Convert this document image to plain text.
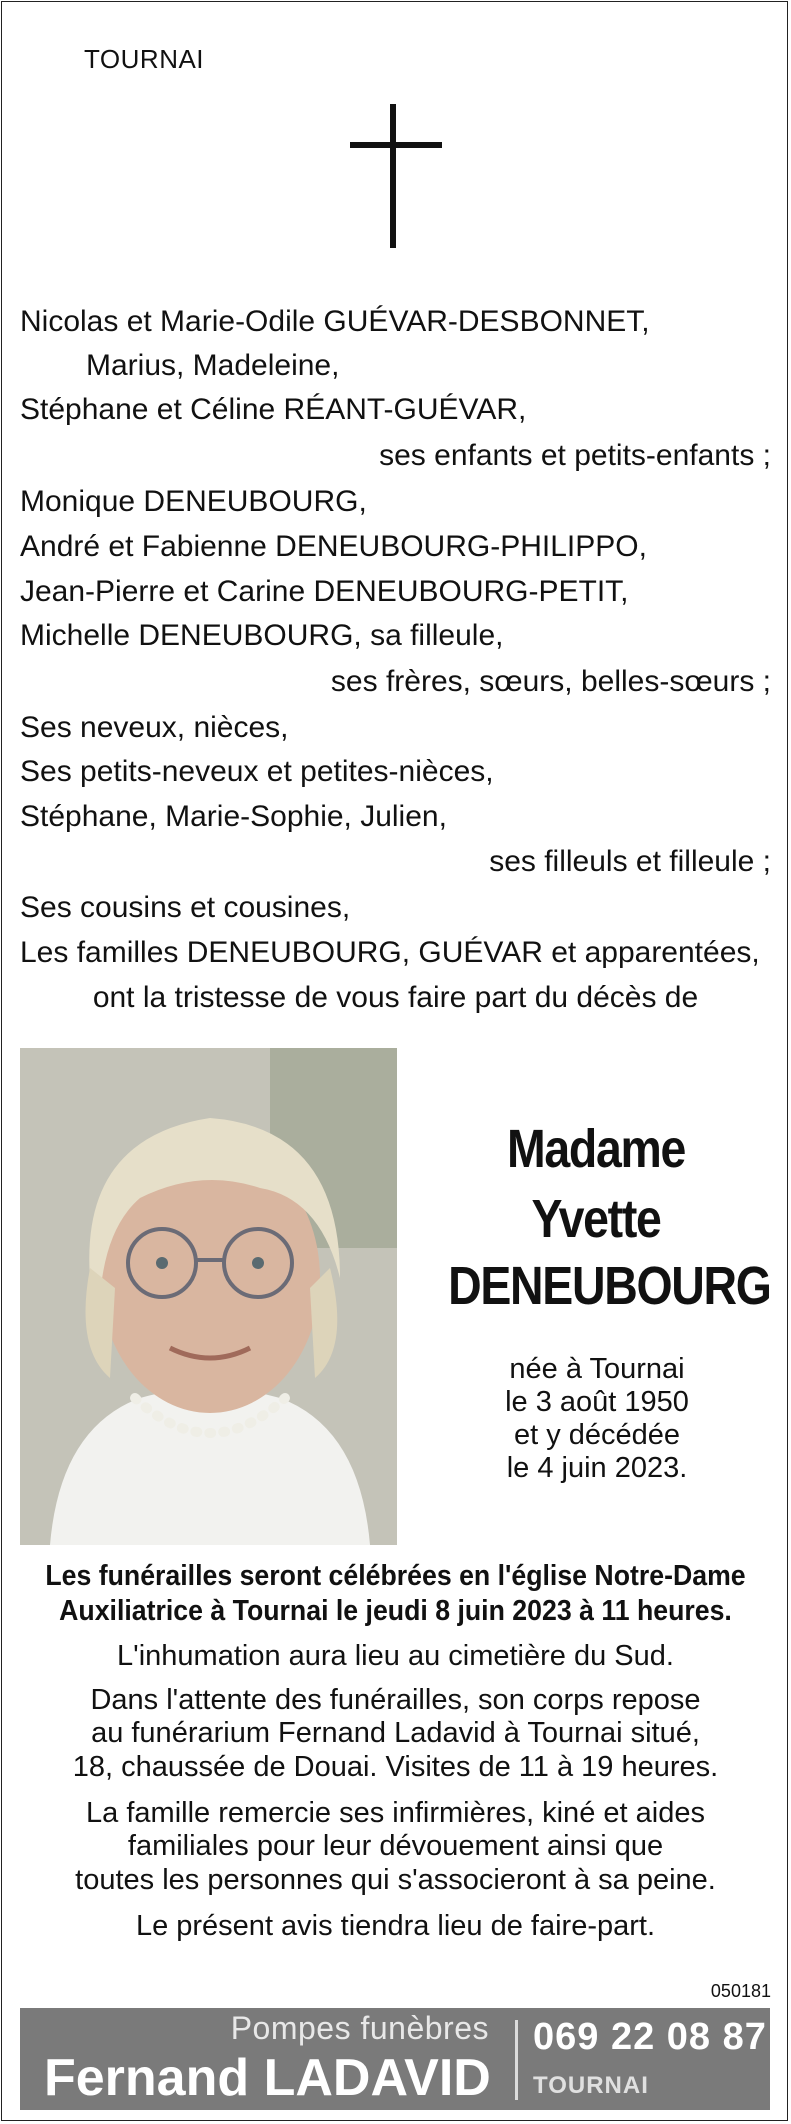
TOURNAI
Nicolas et Marie-Odile GUÉVAR-DESBONNET,
Marius, Madeleine,
Stéphane et Céline RÉANT-GUÉVAR,
ses enfants et petits-enfants ;
Monique DENEUBOURG,
André et Fabienne DENEUBOURG-PHILIPPO,
Jean-Pierre et Carine DENEUBOURG-PETIT,
Michelle DENEUBOURG, sa filleule,
ses frères, sœurs, belles-sœurs ;
Ses neveux, nièces,
Ses petits-neveux et petites-nièces,
Stéphane, Marie-Sophie, Julien,
ses filleuls et filleule ;
Ses cousins et cousines,
Les familles DENEUBOURG, GUÉVAR et apparentées,
ont la tristesse de vous faire part du décès de
Madame
Yvette
DENEUBOURG
née à Tournai
le 3 août 1950
et y décédée
le 4 juin 2023.
Les funérailles seront célébrées en l'église Notre-Dame
Auxiliatrice à Tournai le jeudi 8 juin 2023 à 11 heures.
L'inhumation aura lieu au cimetière du Sud.
Dans l'attente des funérailles, son corps repose
au funérarium Fernand Ladavid à Tournai situé,
18, chaussée de Douai. Visites de 11 à 19 heures.
La famille remercie ses infirmières, kiné et aides
familiales pour leur dévouement ainsi que
toutes les personnes qui s'associeront à sa peine.
Le présent avis tiendra lieu de faire-part.
050181
Pompes funèbres
Fernand LADAVID
069 22 08 87
TOURNAI
